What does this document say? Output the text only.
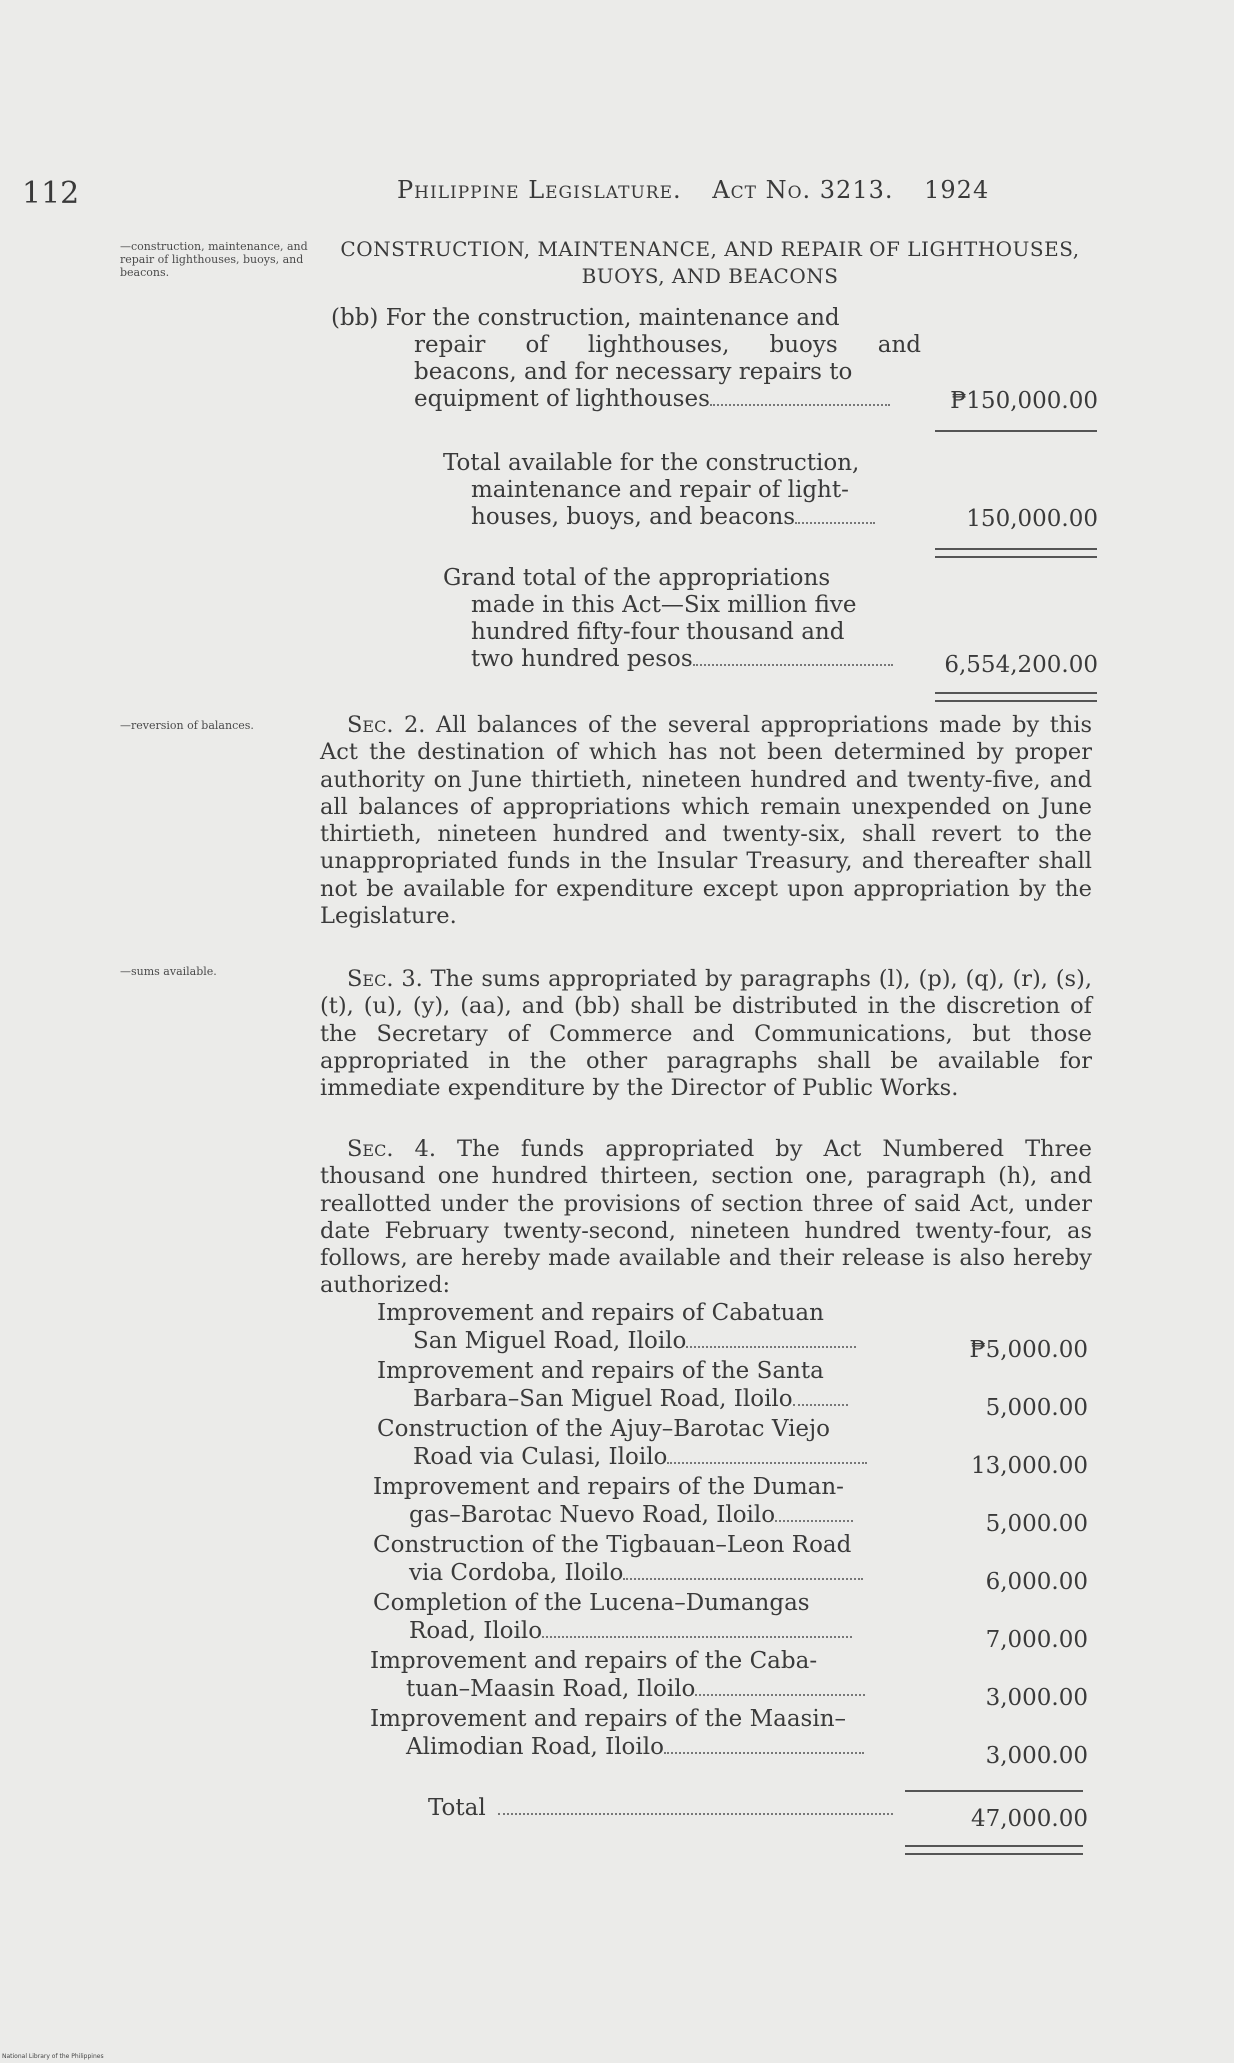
112	Philippine Legislature. Act No. 3213. 1924
—construction, maintenance, and repair of lighthouses, buoys, and beacons.
—reversion of balances.
—sums available.
CONSTRUCTION, MAINTENANCE, AND REPAIR OF LIGHTHOUSES,
BUOYS, AND BEACONS
(bb) For the construction, maintenance and
repair of lighthouses, buoys and
beacons, and for necessary repairs to
equipment of lighthouses	₱150,000.00
Total available for the construction,
maintenance and repair of light-
houses, buoys, and beacons	150,000.00
Grand total of the appropriations
made in this Act—Six million five
hundred fifty-four thousand and
two hundred pesos	6,554,200.00
Sec. 2. All balances of the several appropriations made by this Act the destination of which has not been determined by proper authority on June thirtieth, nineteen hundred and twenty-five, and all balances of appropriations which remain unexpended on June thirtieth, nineteen hundred and twenty-six, shall revert to the unappropriated funds in the Insular Treasury, and thereafter shall not be available for expenditure except upon appropriation by the Legislature.
Sec. 3. The sums appropriated by paragraphs (l), (p), (q), (r), (s), (t), (u), (y), (aa), and (bb) shall be distributed in the discretion of the Secretary of Commerce and Communications, but those appropriated in the other paragraphs shall be available for immediate expenditure by the Director of Public Works.
Sec. 4. The funds appropriated by Act Numbered Three thousand one hundred thirteen, section one, paragraph (h), and reallotted under the provisions of section three of said Act, under date February twenty-second, nineteen hundred twenty-four, as follows, are hereby made available and their release is also hereby authorized:
Improvement and repairs of Cabatuan
San Miguel Road, Iloilo	₱5,000.00
Improvement and repairs of the Santa
Barbara–San Miguel Road, Iloilo	5,000.00
Construction of the Ajuy–Barotac Viejo
Road via Culasi, Iloilo	13,000.00
Improvement and repairs of the Duman-
gas–Barotac Nuevo Road, Iloilo	5,000.00
Construction of the Tigbauan–Leon Road
via Cordoba, Iloilo	6,000.00
Completion of the Lucena–Dumangas
Road, Iloilo	7,000.00
Improvement and repairs of the Caba-
tuan–Maasin Road, Iloilo	3,000.00
Improvement and repairs of the Maasin–
Alimodian Road, Iloilo	3,000.00
Total	47,000.00
National Library of the Philippines
